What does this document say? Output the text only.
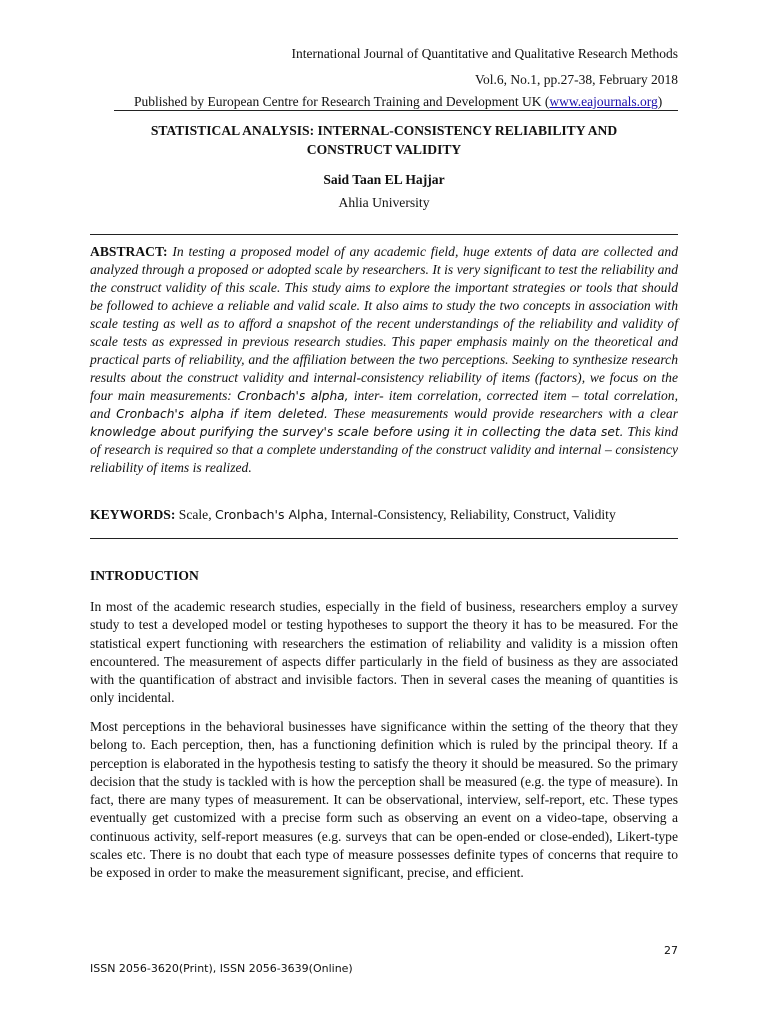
International Journal of Quantitative and Qualitative Research Methods
Vol.6, No.1, pp.27-38, February 2018
Published by European Centre for Research Training and Development UK (www.eajournals.org)
STATISTICAL ANALYSIS: INTERNAL-CONSISTENCY RELIABILITY AND CONSTRUCT VALIDITY
Said Taan EL Hajjar
Ahlia University
ABSTRACT: In testing a proposed model of any academic field, huge extents of data are collected and analyzed through a proposed or adopted scale by researchers. It is very significant to test the reliability and the construct validity of this scale. This study aims to explore the important strategies or tools that should be followed to achieve a reliable and valid scale. It also aims to study the two concepts in association with scale testing as well as to afford a snapshot of the recent understandings of the reliability and validity of scale tests as expressed in previous research studies. This paper emphasis mainly on the theoretical and practical parts of reliability, and the affiliation between the two perceptions. Seeking to synthesize research results about the construct validity and internal-consistency reliability of items (factors), we focus on the four main measurements: Cronbach's alpha, inter- item correlation, corrected item – total correlation, and Cronbach's alpha if item deleted. These measurements would provide researchers with a clear knowledge about purifying the survey's scale before using it in collecting the data set. This kind of research is required so that a complete understanding of the construct validity and internal – consistency reliability of items is realized.
KEYWORDS: Scale, Cronbach's Alpha, Internal-Consistency, Reliability, Construct, Validity
INTRODUCTION
In most of the academic research studies, especially in the field of business, researchers employ a survey study to test a developed model or testing hypotheses to support the theory it has to be measured. For the statistical expert functioning with researchers the estimation of reliability and validity is a mission often encountered. The measurement of aspects differ particularly in the field of business as they are associated with the quantification of abstract and invisible factors. Then in several cases the meaning of quantities is only incidental.
Most perceptions in the behavioral businesses have significance within the setting of the theory that they belong to. Each perception, then, has a functioning definition which is ruled by the principal theory. If a perception is elaborated in the hypothesis testing to satisfy the theory it should be measured. So the primary decision that the study is tackled with is how the perception shall be measured (e.g. the type of measure). In fact, there are many types of measurement. It can be observational, interview, self-report, etc. These types eventually get customized with a precise form such as observing an event on a video-tape, observing a continuous activity, self-report measures (e.g. surveys that can be open-ended or close-ended), Likert-type scales etc. There is no doubt that each type of measure possesses definite types of concerns that require to be exposed in order to make the measurement significant, precise, and efficient.
27
ISSN 2056-3620(Print), ISSN 2056-3639(Online)
